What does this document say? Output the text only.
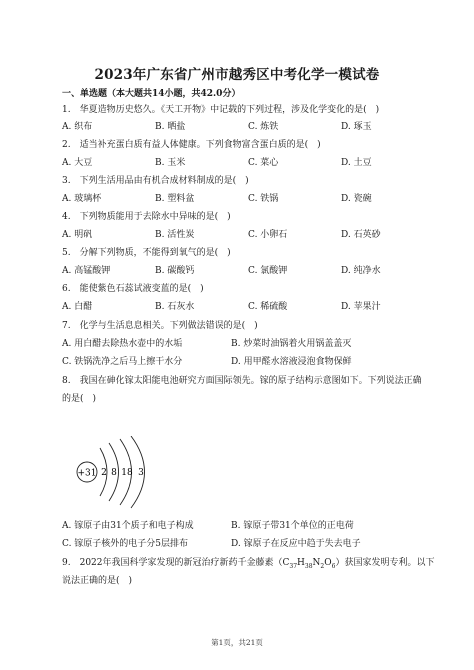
2023年广东省广州市越秀区中考化学一模试卷
一、单选题（本大题共14小题，共42.0分）
1.　华夏造物历史悠久。《天工开物》中记载的下列过程，涉及化学变化的是(　)
A. 织布	B. 晒盐	C. 炼铁	D. 琢玉
2.　适当补充蛋白质有益人体健康。下列食物富含蛋白质的是(　)
A. 大豆	B. 玉米	C. 菜心	D. 土豆
3.　下列生活用品由有机合成材料制成的是(　)
A. 玻璃杯	B. 塑料盆	C. 铁锅	D. 瓷碗
4.　下列物质能用于去除水中异味的是(　)
A. 明矾	B. 活性炭	C. 小卵石	D. 石英砂
5.　分解下列物质，不能得到氧气的是(　)
A. 高锰酸钾	B. 碳酸钙	C. 氯酸钾	D. 纯净水
6.　能使紫色石蕊试液变蓝的是(　)
A. 白醋	B. 石灰水	C. 稀硫酸	D. 苹果汁
7.　化学与生活息息相关。下列做法错误的是(　)
A. 用白醋去除热水壶中的水垢	B. 炒菜时油锅着火用锅盖盖灭
C. 铁锅洗净之后马上擦干水分	D. 用甲醛水溶液浸泡食物保鲜
8.　我国在砷化镓太阳能电池研究方面国际领先。镓的原子结构示意图如下。下列说法正确
的是(　)
+31 2 8 18 3
A. 镓原子由31个质子和电子构成	B. 镓原子带31个单位的正电荷
C. 镓原子核外的电子分5层排布	D. 镓原子在反应中趋于失去电子
9.　2022年我国科学家发现的新冠治疗新药千金藤素$(C_{37}H_{38}N_2O_6)$获国家发明专利。以下
说法正确的是(　)
第1页，共21页
